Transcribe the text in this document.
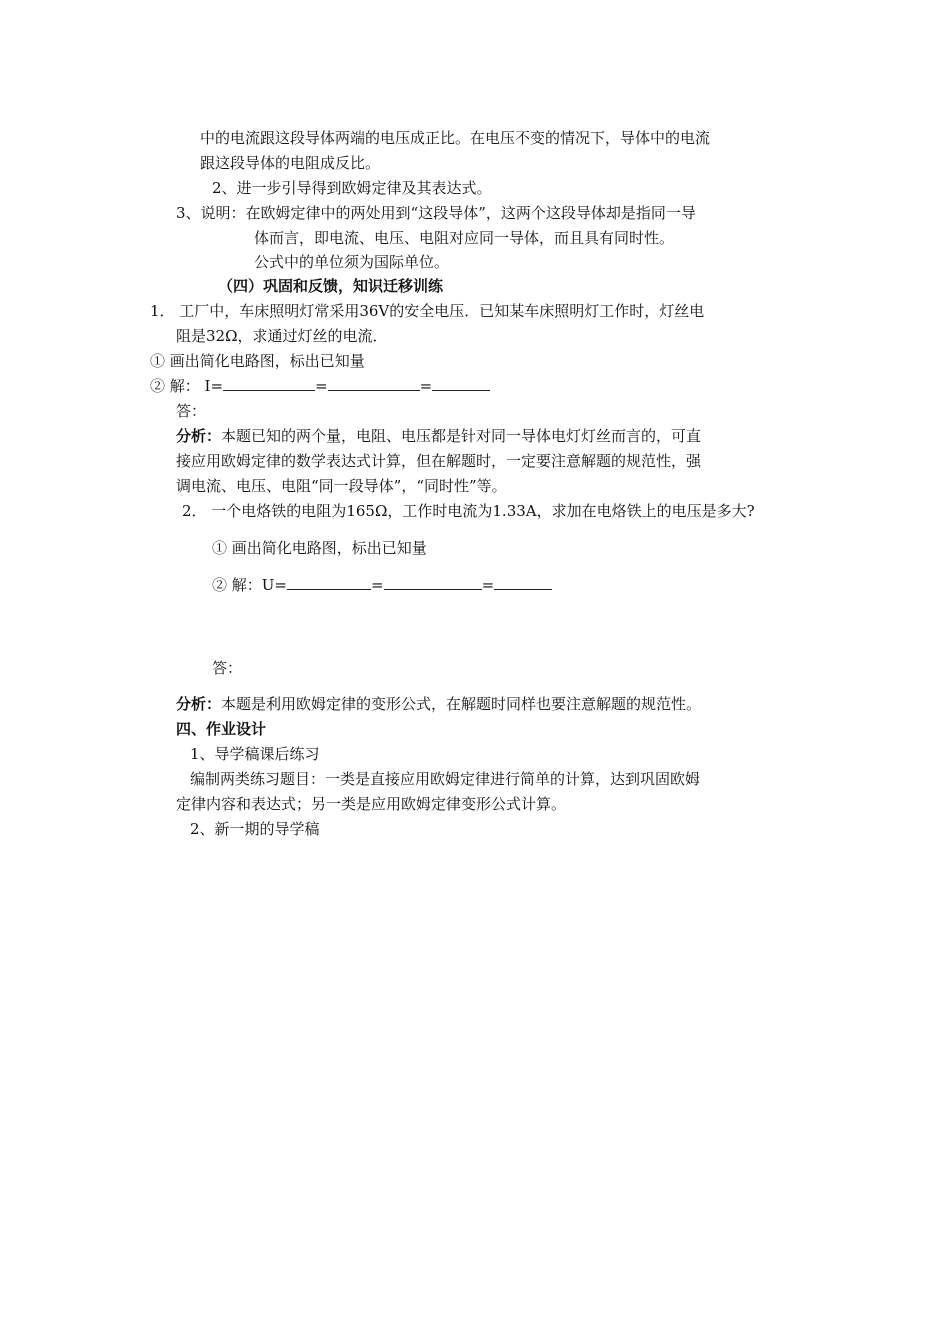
中的电流跟这段导体两端的电压成正比。在电压不变的情况下，导体中的电流
跟这段导体的电阻成反比。
2、进一步引导得到欧姆定律及其表达式。
3、说明：在欧姆定律中的两处用到“这段导体”，这两个这段导体却是指同一导
体而言，即电流、电压、电阻对应同一导体，而且具有同时性。
公式中的单位须为国际单位。
（四）巩固和反馈，知识迁移训练
1． 工厂中，车床照明灯常采用36V的安全电压．已知某车床照明灯工作时，灯丝电
阻是32Ω，求通过灯丝的电流．
① 画出简化电路图，标出已知量
② 解： I=	=	=
答：
分析：本题已知的两个量，电阻、电压都是针对同一导体电灯灯丝而言的，可直
接应用欧姆定律的数学表达式计算，但在解题时，一定要注意解题的规范性，强
调电流、电压、电阻“同一段导体”，“同时性”等。
2． 一个电烙铁的电阻为165Ω，工作时电流为1.33A，求加在电烙铁上的电压是多大?
① 画出简化电路图，标出已知量
② 解：U=	=	=
答：
分析：本题是利用欧姆定律的变形公式，在解题时同样也要注意解题的规范性。
四、作业设计
1、导学稿课后练习
编制两类练习题目：一类是直接应用欧姆定律进行简单的计算，达到巩固欧姆
定律内容和表达式；另一类是应用欧姆定律变形公式计算。
2、新一期的导学稿
